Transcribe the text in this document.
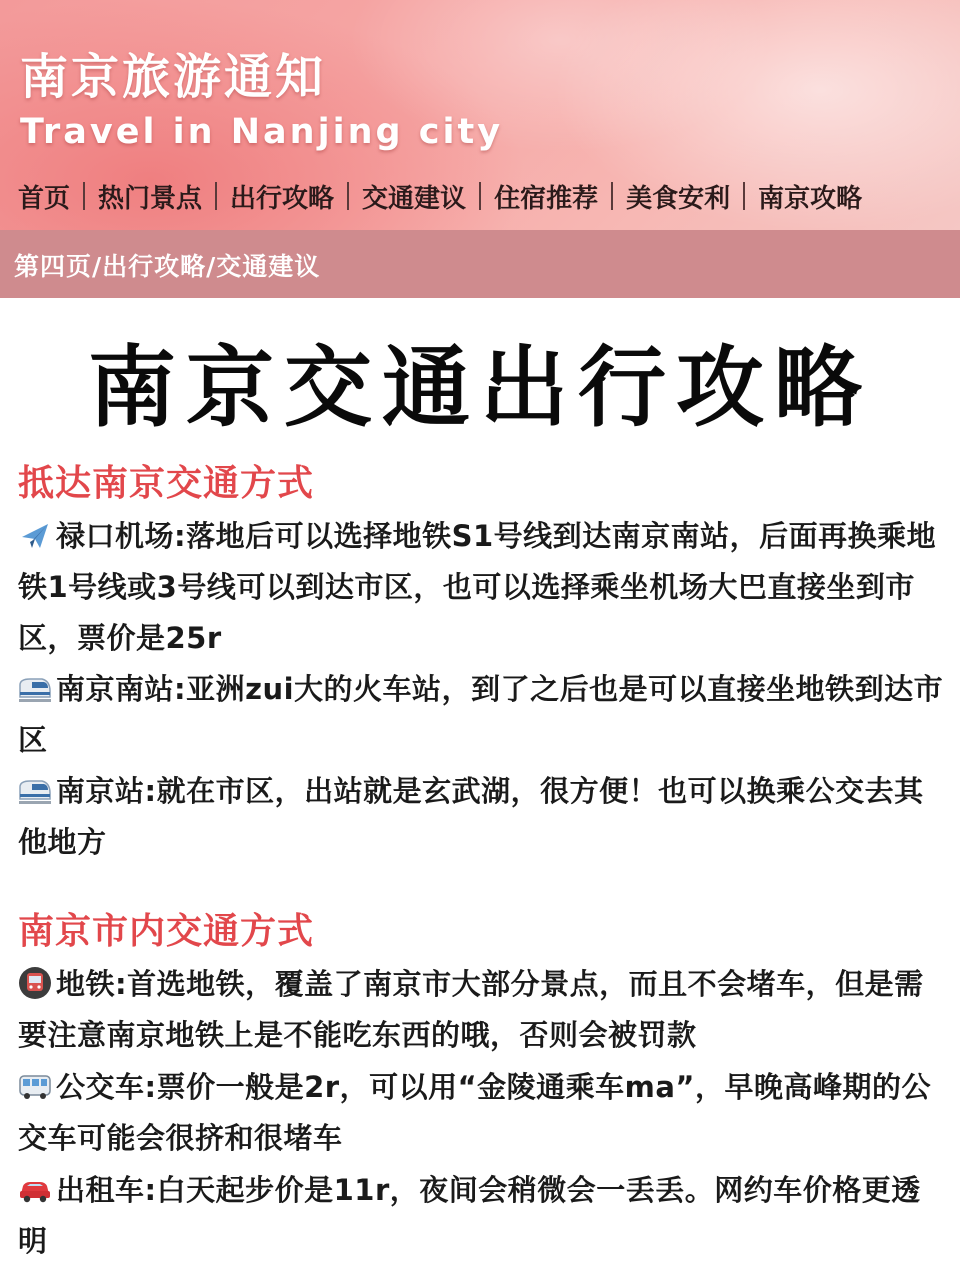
南京旅游通知
Travel in Nanjing city
首页 热门景点 出行攻略 交通建议 住宿推荐 美食安利 南京攻略
第四页/出行攻略/交通建议
南京交通出行攻略
抵达南京交通方式
禄口机场:落地后可以选择地铁S1号线到达南京南站，后面再换乘地铁1号线或3号线可以到达市区，也可以选择乘坐机场大巴直接坐到市区，票价是25r
南京南站:亚洲zui大的火车站，到了之后也是可以直接坐地铁到达市区
南京站:就在市区，出站就是玄武湖，很方便！也可以换乘公交去其他地方
南京市内交通方式
地铁:首选地铁，覆盖了南京市大部分景点，而且不会堵车，但是需要注意南京地铁上是不能吃东西的哦，否则会被罚款
公交车:票价一般是2r，可以用“金陵通乘车ma”，早晚高峰期的公交车可能会很挤和很堵车
出租车:白天起步价是11r，夜间会稍微会一丢丢。网约车价格更透明
